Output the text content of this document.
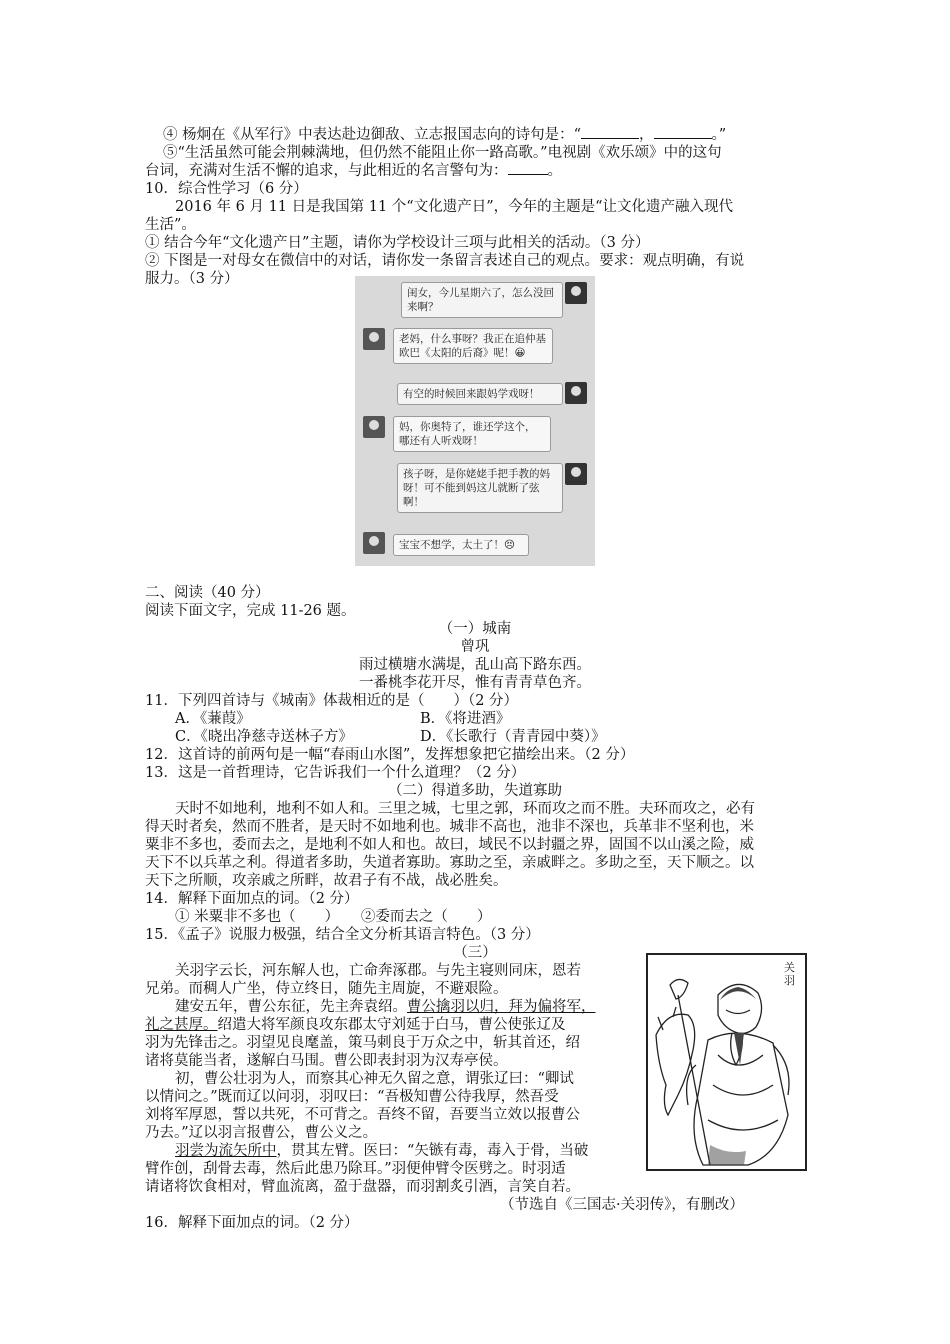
④ 杨炯在《从军行》中表达赴边御敌、立志报国志向的诗句是：“	，	。”
⑤“生活虽然可能会荆棘满地，但仍然不能阻止你一路高歌。”电视剧《欢乐颂》中的这句
台词，充满对生活不懈的追求，与此相近的名言警句为：	。
10．综合性学习（6 分）
2016 年 6 月 11 日是我国第 11 个“文化遗产日”，今年的主题是“让文化遗产融入现代
生活”。
① 结合今年“文化遗产日”主题，请你为学校设计三项与此相关的活动。（3 分）
② 下图是一对母女在微信中的对话，请你发一条留言表述自己的观点。要求：观点明确，有说
服力。（3 分）
闺女，今儿星期六了，怎么没回来啊？
老妈，什么事呀？我正在追仲基欧巴《太阳的后裔》呢！😀
有空的时候回来跟妈学戏呀！
妈，你奥特了，谁还学这个，哪还有人听戏呀！
孩子呀，是你姥姥手把手教的妈呀！可不能到妈这儿就断了弦啊！
宝宝不想学，太土了！😣
二、阅读（40 分）
阅读下面文字，完成 11-26 题。
（一）城南
曾巩
雨过横塘水满堤，乱山高下路东西。
一番桃李花开尽，惟有青青草色齐。
11．下列四首诗与《城南》体裁相近的是（　　）（2 分）
A．《蒹葭》	B．《将进酒》
C．《晓出净慈寺送林子方》	D．《长歌行（青青园中葵）》
12．这首诗的前两句是一幅“春雨山水图”，发挥想象把它描绘出来。（2 分）
13．这是一首哲理诗，它告诉我们一个什么道理？（2 分）
（二）得道多助，失道寡助
天时不如地利，地利不如人和。三里之城，七里之郭，环而攻之而不胜。夫环而攻之，必有
得天时者矣，然而不胜者，是天时不如地利也。城非不高也，池非不深也，兵革非不坚利也，米
粟非不多也，委而去之，是地利不如人和也。故曰，域民不以封疆之界，固国不以山溪之险，威
天下不以兵革之利。得道者多助，失道者寡助。寡助之至，亲戚畔之。多助之至，天下顺之。以
天下之所顺，攻亲戚之所畔，故君子有不战，战必胜矣。
14．解释下面加点的词。（2 分）
① 米粟非不多也（　　）　　②委而去之（　　）
15．《孟子》说服力极强，结合全文分析其语言特色。（3 分）
（三）
关羽字云长，河东解人也，亡命奔涿郡。与先主寝则同床，恩若
兄弟。而稠人广坐，侍立终日，随先主周旋，不避艰险。
建安五年，曹公东征，先主奔袁绍。曹公擒羽以归，拜为偏将军，
礼之甚厚。绍遣大将军颜良攻东郡太守刘延于白马，曹公使张辽及
羽为先锋击之。羽望见良麾盖，策马刺良于万众之中，斩其首还，绍
诸将莫能当者，遂解白马围。曹公即表封羽为汉寿亭侯。
初，曹公壮羽为人，而察其心神无久留之意，谓张辽曰：“卿试
以情问之。”既而辽以问羽，羽叹曰：“吾极知曹公待我厚，然吾受
刘将军厚恩，誓以共死，不可背之。吾终不留，吾要当立效以报曹公
乃去。”辽以羽言报曹公，曹公义之。
羽尝为流矢所中，贯其左臂。医曰：“矢镞有毒，毒入于骨，当破
臂作创，刮骨去毒，然后此患乃除耳。”羽便伸臂令医劈之。时羽适
请诸将饮食相对，臂血流离，盈于盘器，而羽割炙引酒，言笑自若。
（节选自《三国志·关羽传》，有删改）
16．解释下面加点的词。（2 分）
关羽
